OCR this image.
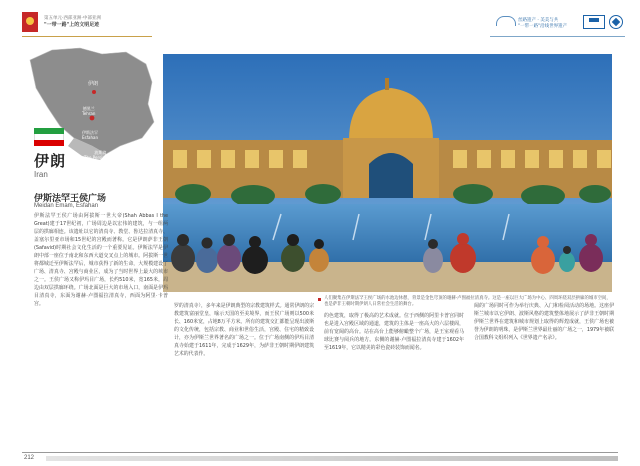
第五单元·西部亚洲·中部亚洲
"一带一路"上的文明足迹
丝路遗产 · 美美与共
"一带一路"沿线世界遗产
伊朗
德黑兰
Tehran
伊斯法罕
Esfahan
波斯湾
The Persian Gulf
伊朗
Iran
伊斯法罕王侯广场
Meidan Emam, Esfahan
人们聚集在伊斯法罕王侯广场的水池边休憩，背景是金色穹顶的谢赫·卢图福拉清真寺。这是一座以巨大广场为中心、四周环绕双层拱廊的城市空间，也是萨非王朝时期伊朗人日常社会生活的舞台。
伊斯法罕王侯广场由阿拔斯一世大帝(Shah Abbas I the Great)建于17世纪初，广场周边是以宏伟的建筑，与一组两层的拱廊相连。该遗址以它的清真寺、教堂、鲁达拉清真寺、盖塞尔里亚市场和15世纪的宫殿而著称。它是伊朗萨非王朝(Safavid)时期社会文化生活的一个重要见证。伊斯法罕是伊朗中部一座位于南北和东西大道交叉点上的城市。阿拔斯一世将都城迁至伊斯法罕后，城市获得了新的生命，大规模建设了广场、清真寺、宫殿与商业区，成为了当时世界上最大的城市之一。王侯广场又称伊玛目广场，长约510米，宽165米，周边由双层拱廊环绕。广场北面是巨大的市场入口，南面是伊玛目清真寺，东面为谢赫·卢图福拉清真寺，西面为阿里·卡普宫。	罗的清真寺），多年来是伊朗典型的宗教建筑样式。通常伊朗的宗教建筑富丽堂皇，喻示天国的至美境界，而王侯广场则以500米长、160米宽，占地8万平方米。所有的建筑交汇都能呈现出波斯的文化传统，包括宗教、商业和世俗生活，宫殿、住宅的精致设计，亦为伊斯兰世界著名的广场之一。位于广场南侧的伊玛目清真寺始建于1611年，完成于1629年，为萨非王朝时期伊朗建筑艺术的代表作。
的色建筑，取得了极高的艺术成就。位于西侧的阿里卡普宫同时也是进入宫殿区域的通道，建筑的主体是一座高大的六层楼阁，前有宽阔的高台。站在高台上能够俯瞰整个广场，是王室观看马球比赛与阅兵的地方。东侧的谢赫·卢图福拉清真寺建于1602年至1619年，它以精美的彩色瓷砖装饰而闻名。
阔的广场同时可作为举行庆典、入门和检阅活动的场地。这座伊斯兰城市以它伊朗、波斯风格的建筑整体地展示了萨非王朝时期伊斯兰世界在建筑和城市规划上取得的辉煌成就，王侯广场也被誉为伊朗的明珠，是伊斯兰世界最壮丽的广场之一，1979年被联合国教科文组织列入《世界遗产名录》。
212
